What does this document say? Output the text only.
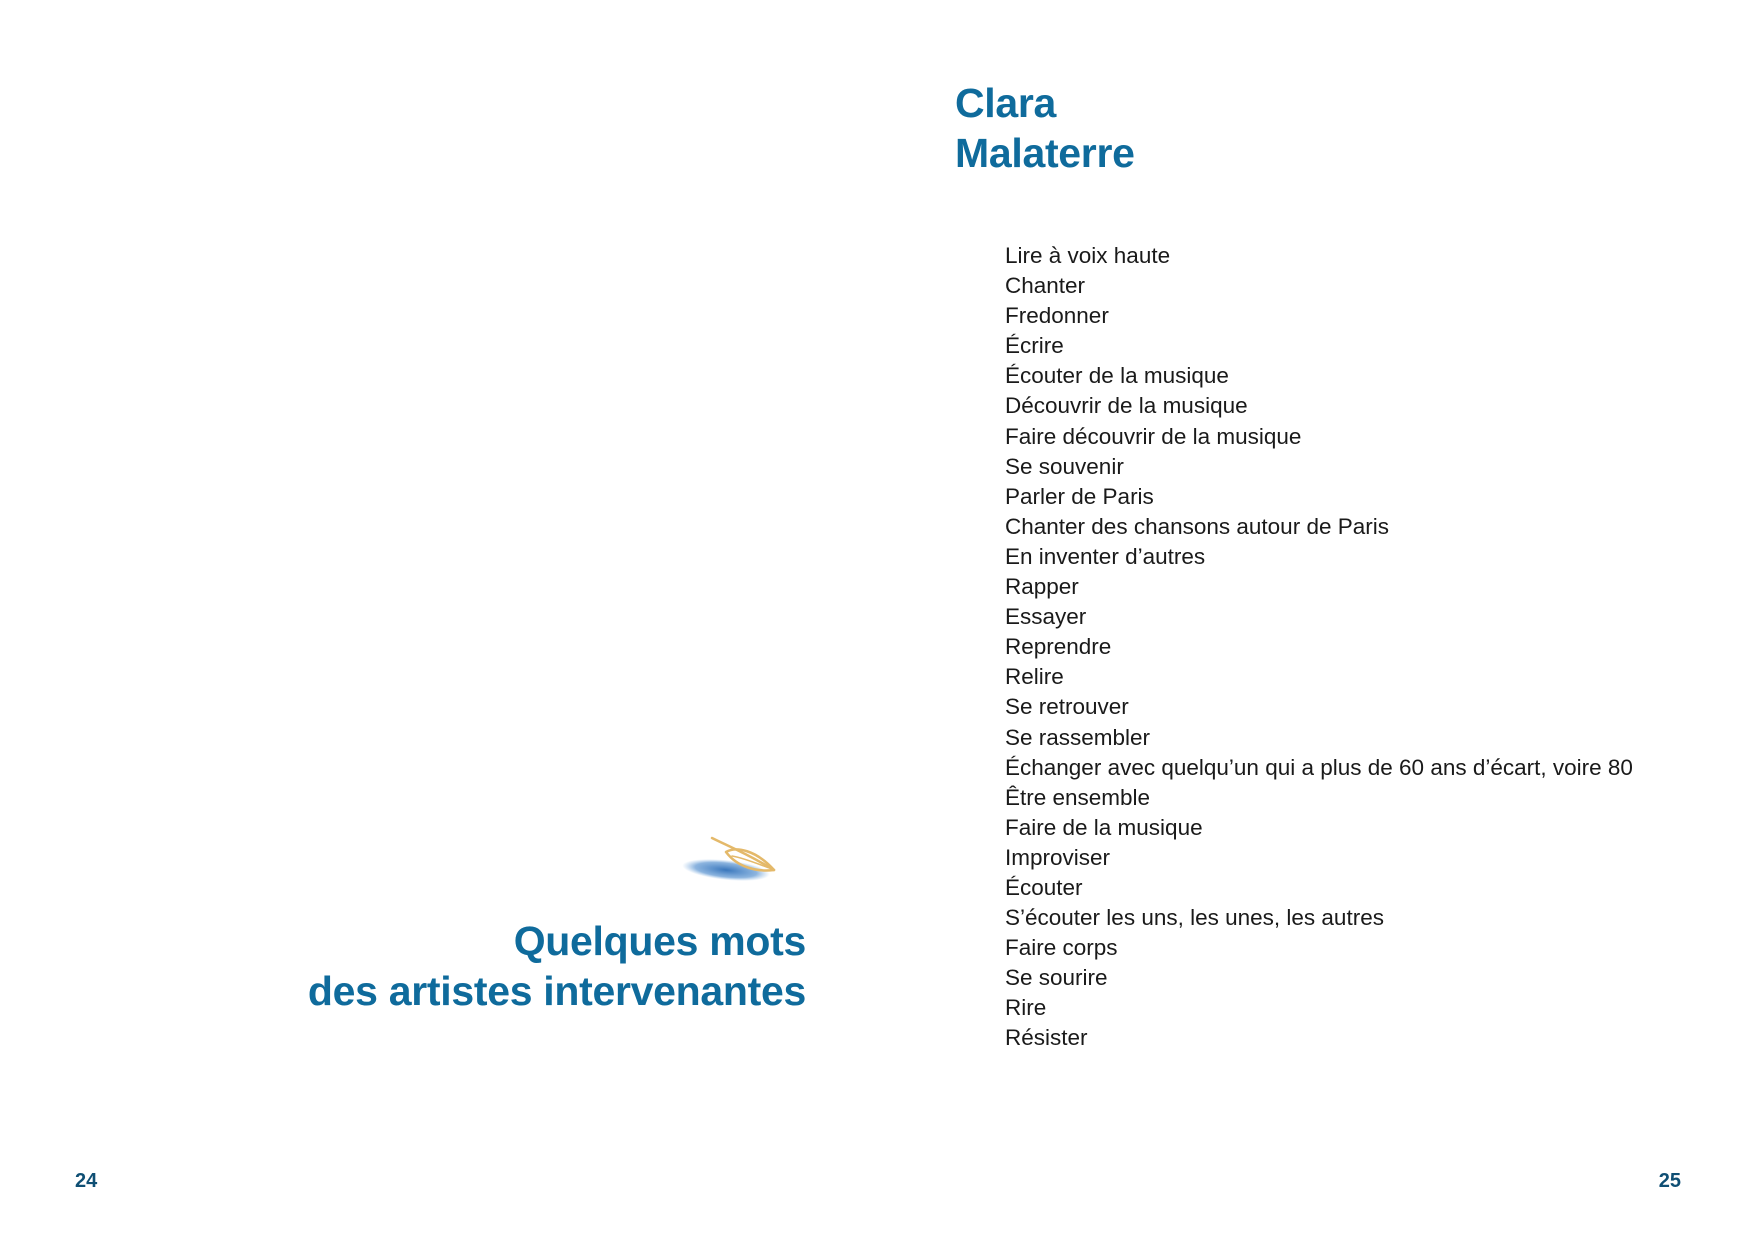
Quelques mots
des artistes intervenantes
24
Clara
Malaterre
Lire à voix haute
Chanter
Fredonner
Écrire
Écouter de la musique
Découvrir de la musique
Faire découvrir de la musique
Se souvenir
Parler de Paris
Chanter des chansons autour de Paris
En inventer d’autres
Rapper
Essayer
Reprendre
Relire
Se retrouver
Se rassembler
Échanger avec quelqu’un qui a plus de 60 ans d’écart, voire 80
Être ensemble
Faire de la musique
Improviser
Écouter
S’écouter les uns, les unes, les autres
Faire corps
Se sourire
Rire
Résister
25
